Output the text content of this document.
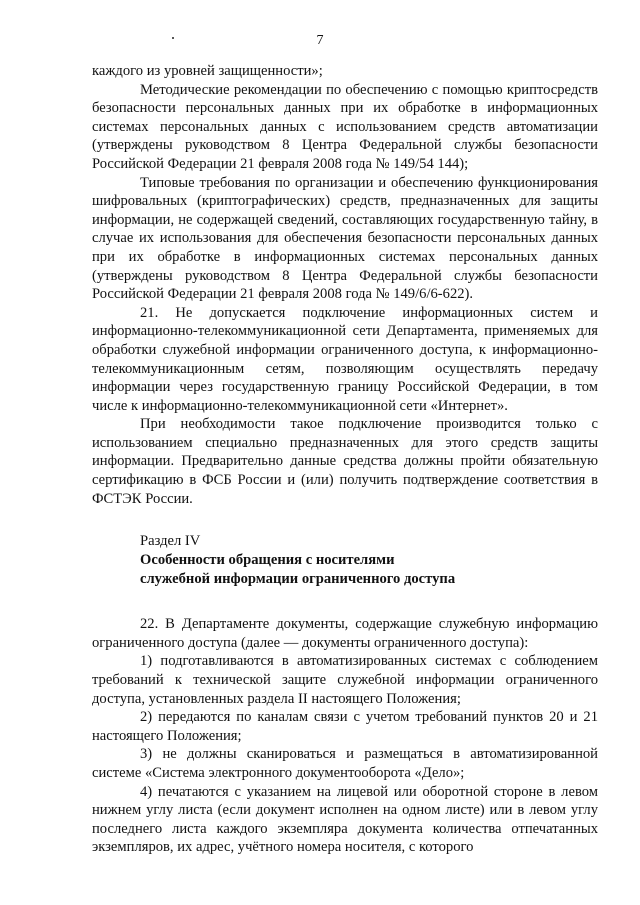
7

каждого из уровней защищенности»;

Методические рекомендации по обеспечению с помощью криптосредств безопасности персональных данных при их обработке в информационных системах персональных данных с использованием средств автоматизации (утверждены руководством 8 Центра Федеральной службы безопасности Российской Федерации 21 февраля 2008 года № 149/54 144);

Типовые требования по организации и обеспечению функционирования шифровальных (криптографических) средств, предназначенных для защиты информации, не содержащей сведений, составляющих государственную тайну, в случае их использования для обеспечения безопасности персональных данных при их обработке в информационных системах персональных данных (утверждены руководством 8 Центра Федеральной службы безопасности Российской Федерации 21 февраля 2008 года № 149/6/6-622).

21. Не допускается подключение информационных систем и информационно-телекоммуникационной сети Департамента, применяемых для обработки служебной информации ограниченного доступа, к информационно-телекоммуникационным сетям, позволяющим осуществлять передачу информации через государственную границу Российской Федерации, в том числе к информационно-телекоммуникационной сети «Интернет».

При необходимости такое подключение производится только с использованием специально предназначенных для этого средств защиты информации. Предварительно данные средства должны пройти обязательную сертификацию в ФСБ России и (или) получить подтверждение соответствия в ФСТЭК России.

Раздел IV

Особенности обращения с носителями

служебной информации ограниченного доступа

22. В Департаменте документы, содержащие служебную информацию ограниченного доступа (далее — документы ограниченного доступа):

1) подготавливаются в автоматизированных системах с соблюдением требований к технической защите служебной информации ограниченного доступа, установленных раздела II настоящего Положения;

2) передаются по каналам связи с учетом требований пунктов 20 и 21 настоящего Положения;

3) не должны сканироваться и размещаться в автоматизированной системе «Система электронного документооборота «Дело»;

4) печатаются с указанием на лицевой или оборотной стороне в левом нижнем углу листа (если документ исполнен на одном листе) или в левом углу последнего листа каждого экземпляра документа количества отпечатанных экземпляров, их адрес, учётного номера носителя, с которого
